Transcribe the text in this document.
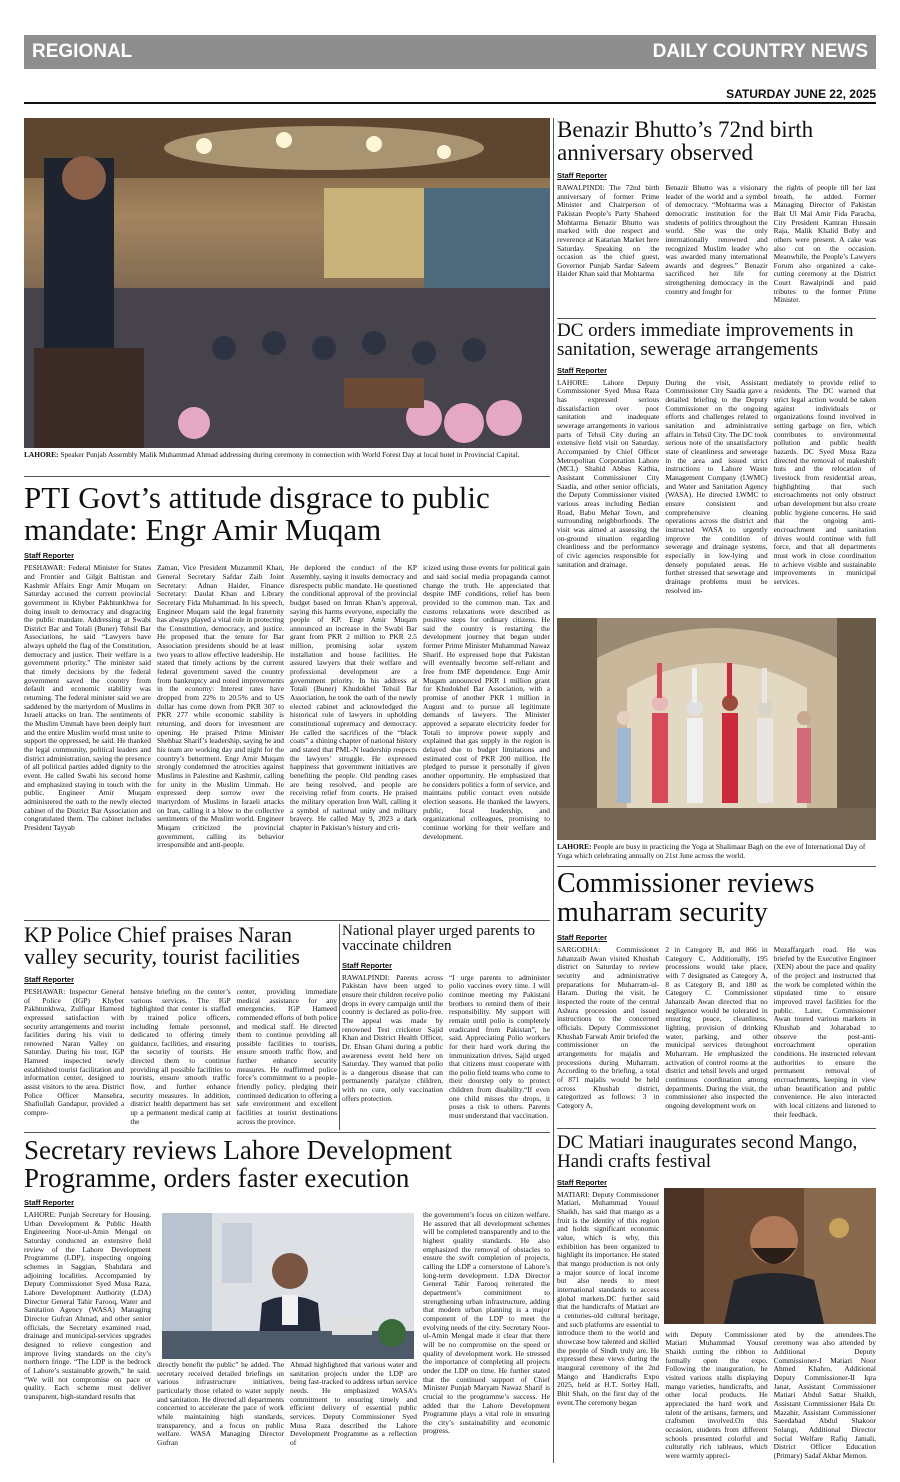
REGIONAL	DAILY COUNTRY NEWS
SATURDAY JUNE 22, 2025
LAHORE: Speaker Punjab Assembly Malik Muhammad Ahmad addressing during ceremony in connection with World Forest Day at local hotel in Provincial Capital.
Benazir Bhutto’s 72nd birth anniversary observed
Staff Reporter
RAWALPINDI: The 72nd birth anniversary of former Prime Minister and Chairperson of Pakistan People’s Party Shaheed Mohtarma Benazir Bhutto was marked with due respect and reverence at Katarian Market here Saturday. Speaking on the occasion as the chief guest, Governor Punjab Sardar Saleem Haider Khan said that Mohtarma
Benazir Bhutto was a visionary leader of the world and a symbol of democracy. “Mohtarma was a democratic institution for the students of politics throughout the world. She was the only internationally renowned and recognized Muslim leader who was awarded many international awards and degrees.” Benazir sacrificed her life for strengthening democracy in the country and fought for
the rights of people till her last breath, he added. Former Managing Director of Pakistan Bait Ul Mal Amir Fida Paracha, City President Kamran Hussain Raja, Malik Khalid Boby and others were present. A cake was also cut on the occasion. Meanwhile, the People’s Lawyers Forum also organized a cake-cutting ceremony at the District Court Rawalpindi and paid tributes to the former Prime Minister.
DC orders immediate improvements in sanitation, sewerage arrangements
Staff Reporter
LAHORE: Lahore Deputy Commissioner Syed Musa Raza has expressed serious dissatisfaction over poor sanitation and inadequate sewerage arrangements in various parts of Tehsil City during an extensive field visit on Saturday. Accompanied by Chief Officer Metropolitan Corporation Lahore (MCL) Shahid Abbas Kathia, Assistant Commissioner City Saadia, and other senior officials, the Deputy Commissioner visited various areas including Bedian Road, Babu Mehar Town, and surrounding neighborhoods. The visit was aimed at assessing the on-ground situation regarding cleanliness and the performance of civic agencies responsible for sanitation and drainage.
During the visit, Assistant Commissioner City Saadia gave a detailed briefing to the Deputy Commissioner on the ongoing efforts and challenges related to sanitation and administrative affairs in Tehsil City. The DC took serious note of the unsatisfactory state of cleanliness and sewerage in the area and issued strict instructions to Lahore Waste Management Company (LWMC) and Water and Sanitation Agency (WASA). He directed LWMC to ensure consistent and comprehensive cleaning operations across the district and instructed WASA to urgently improve the condition of sewerage and drainage systems, especially in low-lying and densely populated areas. He further stressed that sewerage and drainage problems must be resolved im-
mediately to provide relief to residents. The DC warned that strict legal action would be taken against individuals or organizations found involved in setting garbage on fire, which contributes to environmental pollution and public health hazards. DC Syed Musa Raza directed the removal of makeshift huts and the relocation of livestock from residential areas, highlighting that such encroachments not only obstruct urban development but also create public hygiene concerns. He said that the ongoing anti-encroachment and sanitation drives would continue with full force, and that all departments must work in close coordination to achieve visible and sustainable improvements in municipal services.
LAHORE: People are busy in practicing the Yoga at Shalimaar Bagh on the eve of International Day of Yoga which celebrating annually on 21st June across the world.
PTI Govt’s attitude disgrace to public mandate: Engr Amir Muqam
Staff Reporter
PESHAWAR: Federal Minister for States and Frontier and Gilgit Baltistan and Kashmir Affairs Engr Amir Muqam on Saturday accused the current provincial government in Khyber Pakhtunkhwa for doing insult to democracy and disgracing the public mandate. Addressing at Swabi District Bar and Totali (Buner) Tehsil Bar Associations, he said “Lawyers have always upheld the flag of the Constitution, democracy and justice. Their welfare is a government priority.” The minister said that timely decisions by the federal government saved the country from default and economic stability was returning. The federal minister said we are saddened by the martyrdom of Muslims in Israeli attacks on Iran. The sentiments of the Muslim Ummah have been deeply hurt and the entire Muslim world must unite to support the oppressed, he said. He thanked the legal community, political leaders and district administration, saying the presence of all political parties added dignity to the event. He called Swabi his second home and emphasized staying in touch with the public. Engineer Amir Muqam administered the oath to the newly elected cabinet of the District Bar Association and congratulated them. The cabinet includes President Tayyab
Zaman, Vice President Muzammil Khan, General Secretary Safdar Zaib Joint Secretary: Adnan Haider, Finance Secretary: Daulat Khan and Library Secretary Fida Muhammad. In his speech, Engineer Muqam said the legal fraternity has always played a vital role in protecting the Constitution, democracy, and justice. He proposed that the tenure for Bar Association presidents should be at least two years to allow effective leadership. He stated that timely actions by the current federal government saved the country from bankruptcy and noted improvements in the economy: Interest rates have dropped from 22% to 20.5% and to US dollar has come down from PKR 307 to PKR 277 while economic stability is returning, and doors for investment are opening. He praised Prime Minister Shehbaz Sharif’s leadership, saying he and his team are working day and night for the country’s betterment. Engr Amir Muqam strongly condemned the atrocities against Muslims in Palestine and Kashmir, calling for unity in the Muslim Ummah. He expressed deep sorrow over the martyrdom of Muslims in Israeli attacks on Iran, calling it a blow to the collective sentiments of the Muslim world. Engineer Muqam criticized the provincial government, calling its behavior irresponsible and anti-people.
He deplored the conduct of the KP Assembly, saying it insults democracy and disrespects public mandate. He questioned the conditional approval of the provincial budget based on Imran Khan’s approval, saying this harms everyone, especially the people of KP. Engr Amir Muqam announced an increase in the Swabi Bar grant from PKR 2 million to PKR 2.5 million, promising solar system installation and house facilities. He assured lawyers that their welfare and professional development are a government priority. In his address at Totali (Buner) Khudokhel Tehsil Bar Association, he took the oath of the newly elected cabinet and acknowledged the historical role of lawyers in upholding constitutional supremacy and democracy. He called the sacrifices of the “black coats” a shining chapter of national history and stated that PML-N leadership respects the lawyers’ struggle. He expressed happiness that government initiatives are benefiting the people. Old pending cases are being resolved, and people are receiving relief from courts. He praised the military operation Iron Wall, calling it a symbol of national unity and military bravery. He called May 9, 2023 a dark chapter in Pakistan’s history and crit-
icized using those events for political gain and said social media propaganda cannot change the truth. He appreciated that despite IMF conditions, relief has been provided to the common man. Tax and customs relaxations were described as positive steps for ordinary citizens. He said the country is restarting the development journey that began under former Prime Minister Muhammad Nawaz Sharif. He expressed hope that Pakistan will eventually become self-reliant and free from IMF dependence. Engr Amir Muqam announced PKR 1 million grant for Khudokhel Bar Association, with a promise of another PKR 1 million in August and to pursue all legitimate demands of lawyers. The Minister approved a separate electricity feeder for Totali to improve power supply and explained that gas supply in the region is delayed due to budget limitations and estimated cost of PKR 200 million. He pledged to pursue it personally if given another opportunity. He emphasized that he considers politics a form of service, and maintains public contact even outside election seasons. He thanked the lawyers, public, local leadership, and organizational colleagues, promising to continue working for their welfare and development.
Commissioner reviews muharram security
Staff Reporter
SARGODHA: Commissioner Jahanzaib Awan visited Khushab district on Saturday to review security and administrative preparations for Muharram-ul-Haram. During the visit, he inspected the route of the central Ashura procession and issued instructions to the concerned officials. Deputy Commissioner Khushab Farwah Amir briefed the commissioner on the arrangements for majalis and processions during Muharram. According to the briefing, a total of 871 majalis would be held across Khushab district, categorized as follows: 3 in Category A,
2 in Category B, and 866 in Category C. Additionally, 195 processions would take place, with 7 designated as Category A, 8 as Category B, and 180 as Category C. Commissioner Jahanzaib Awan directed that no negligence would be tolerated in ensuring peace, cleanliness, lighting, provision of drinking water, parking, and other municipal services throughout Muharram. He emphasized the activation of control rooms at the district and tehsil levels and urged continuous coordination among departments. During the visit, the commissioner also inspected the ongoing development work on
Muzaffargarh road. He was briefed by the Executive Engineer (XEN) about the pace and quality of the project and instructed that the work be completed within the stipulated time to ensure improved travel facilities for the public. Later, Commissioner Awan toured various markets in Khushab and Joharabad to observe the post-anti-encroachment operation conditions. He instructed relevant authorities to ensure the permanent removal of encroachments, keeping in view urban beautification and public convenience. He also interacted with local citizens and listened to their feedback.
KP Police Chief praises Naran valley security, tourist facilities
Staff Reporter
PESHAWAR: Inspector General of Police (IGP) Khyber Pakhtunkhwa, Zulfiqar Hameed expressed satisfaction with security arrangements and tourist facilities during his visit to renowned Naran Valley on Saturday. During his tour, IGP Hameed inspected newly established tourist facilitation and information center, designed to assist visitors to the area. District Police Officer Mansehra, Shafiullah Gandapur, provided a compre-
hensive briefing on the center’s various services. The IGP highlighted that center is staffed by trained police officers, including female personnel, dedicated to offering timely guidance, facilities, and ensuring the security of tourists. He directed them to continue providing all possible facilities to tourists, ensure smooth traffic flow, and further enhance security measures. In addition, district health department has set up a permanent medical camp at the
center, providing immediate medical assistance for any emergencies. IGP Hameed commended efforts of both police and medical staff. He directed them to continue providing all possible facilities to tourists, ensure smooth traffic flow, and further enhance security measures. He reaffirmed police force’s commitment to a people-friendly policy, pledging their continued dedication to offering a safe environment and excellent facilities at tourist destinations across the province.
National player urged parents to vaccinate children
Staff Reporter
RAWALPINDI: Parents across Pakistan have been urged to ensure their children receive polio drops in every campaign until the country is declared as polio-free. The appeal was made by renowned Test cricketer Sajid Khan and District Health Officer, Dr. Ehsan Ghani during a public awareness event held here on Saturday. They warned that polio is a dangerous disease that can permanently paralyze children, with no cure, only vaccination offers protection.
“I urge parents to administer polio vaccines every time. I will continue meeting my Pakistani brothers to remind them of their responsibility. My support will remain until polio is completely eradicated from Pakistan”, he said. Appreciating Polio workers for their hard work during the immunization drives, Sajid urged that citizens must cooperate with the polio field teams who come to their doorstep only to protect children from disability.“If even one child misses the drops, it poses a risk to others. Parents must understand that vaccination.
Secretary reviews Lahore Development Programme, orders faster execution
Staff Reporter
LAHORE: Punjab Secretary for Housing, Urban Development & Public Health Engineering Noor-ul-Amin Mengal on Saturday conducted an extensive field review of the Lahore Development Programme (LDP), inspecting ongoing schemes in Saggian, Shahdara and adjoining localities. Accompanied by Deputy Commissioner Syed Musa Raza, Lahore Development Authority (LDA) Director General Tahir Farooq, Water and Sanitation Agency (WASA) Managing Director Gufran Ahmad, and other senior officials, the Secretary examined road, drainage and municipal-services upgrades designed to relieve congestion and improve living standards on the city’s northern fringe. “The LDP is the bedrock of Lahore’s sustainable growth,” he said. “We will not compromise on pace or quality. Each scheme must deliver transparent, high-standard results that
directly benefit the public” he added. The secretary received detailed briefings on various infrastructure initiatives, particularly those related to water supply and sanitation. He directed all departments concerned to accelerate the pace of work while maintaining high standards, transparency, and a focus on public welfare. WASA Managing Director Gufran
Ahmad highlighted that various water and sanitation projects under the LDP are being fast-tracked to address urban service needs. He emphasized WASA’s commitment to ensuring timely and efficient delivery of essential public services. Deputy Commissioner Syed Musa Raza described the Lahore Development Programme as a reflection of
the government’s focus on citizen welfare. He assured that all development schemes will be completed transparently and to the highest quality standards. He also emphasized the removal of obstacles to ensure the swift completion of projects, calling the LDP a cornerstone of Lahore’s long-term development. LDA Director General Tahir Farooq reiterated the department’s commitment to strengthening urban infrastructure, adding that modern urban planning is a major component of the LDP to meet the evolving needs of the city. Secretary Noor-ul-Amin Mengal made it clear that there will be no compromise on the speed or quality of development work. He stressed the importance of completing all projects under the LDP on time. He further stated that the continued support of Chief Minister Punjab Maryam Nawaz Sharif is crucial to the programme’s success. He added that the Lahore Development Programme plays a vital role in ensuring the city’s sustainability and economic progress.
DC Matiari inaugurates second Mango, Handi crafts festival
Staff Reporter
MATIARI: Deputy Commissioner Matiari, Muhammad Yousuf Shaikh, has said that mango as a fruit is the identity of this region and holds significant economic value, which is why, this exhibition has been organized to highlight its importance. He stated that mango production is not only a major source of local income but also needs to meet international standards to access global markets.DC further said that the handicrafts of Matiari are a centuries-old cultural heritage, and such platforms are essential to introduce them to the world and showcase how talented and skilled the people of Sindh truly are. He expressed these views during the inaugural ceremony of the 2nd Mango and Handicrafts Expo 2025, held at H.T. Sorley Hall, Bhit Shah, on the first day of the event.The ceremony began
with Deputy Commissioner Matiari Muhammad Yousuf Shaikh cutting the ribbon to formally open the expo. Following the inauguration, he visited various stalls displaying mango varieties, handicrafts, and other local products. He appreciated the hard work and talent of the artisans, farmers, and craftsmen involved.On this occasion, students from different schools presented colorful and culturally rich tableaus, which were warmly appreci-
ated by the attendees.The ceremony was also attended by Additional Deputy Commissioner-I Matiari Noor Ahmed Khahro, Additional Deputy Commissioner-II Iqra Janat, Assistant Commissioner Matiari Abdul Sattar Shaikh, Assistant Commissioner Hala Dr. Mazahir, Assistant Commissioner Saeedabad Abdul Shakoor Solangi, Additional Director Social Welfare Rafiq Jamali, District Officer Education (Primary) Sadaf Akbar Memon.
